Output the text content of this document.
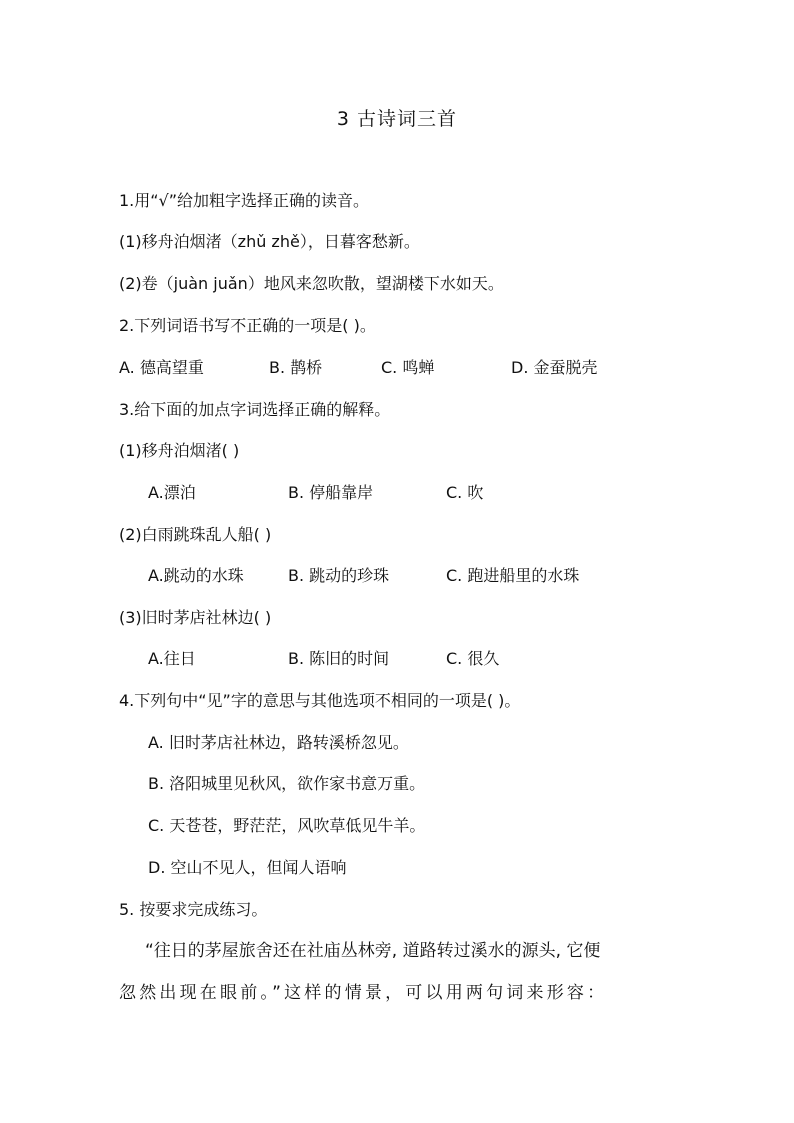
3 古诗词三首
1.用“√”给加粗字选择正确的读音。
(1)移舟泊烟渚（zhǔ zhě），日暮客愁新。
(2)卷（juàn juǎn）地风来忽吹散，望湖楼下水如天。
2.下列词语书写不正确的一项是( )。
A. 德高望重	B. 鹊桥	C. 鸣蝉	D. 金蚕脱壳
3.给下面的加点字词选择正确的解释。
(1)移舟泊烟渚( )
A.漂泊	B. 停船靠岸	C. 吹
(2)白雨跳珠乱人船( )
A.跳动的水珠	B. 跳动的珍珠	C. 跑进船里的水珠
(3)旧时茅店社林边( )
A.往日	B. 陈旧的时间	C. 很久
4.下列句中“见”字的意思与其他选项不相同的一项是( )。
A. 旧时茅店社林边，路转溪桥忽见。
B. 洛阳城里见秋风，欲作家书意万重。
C. 天苍苍，野茫茫，风吹草低见牛羊。
D. 空山不见人，但闻人语响
5. 按要求完成练习。
“往日的茅屋旅舍还在社庙丛林旁, 道路转过溪水的源头, 它便
忽然出现在眼前。”这样的情景，可以用两句词来形容：
